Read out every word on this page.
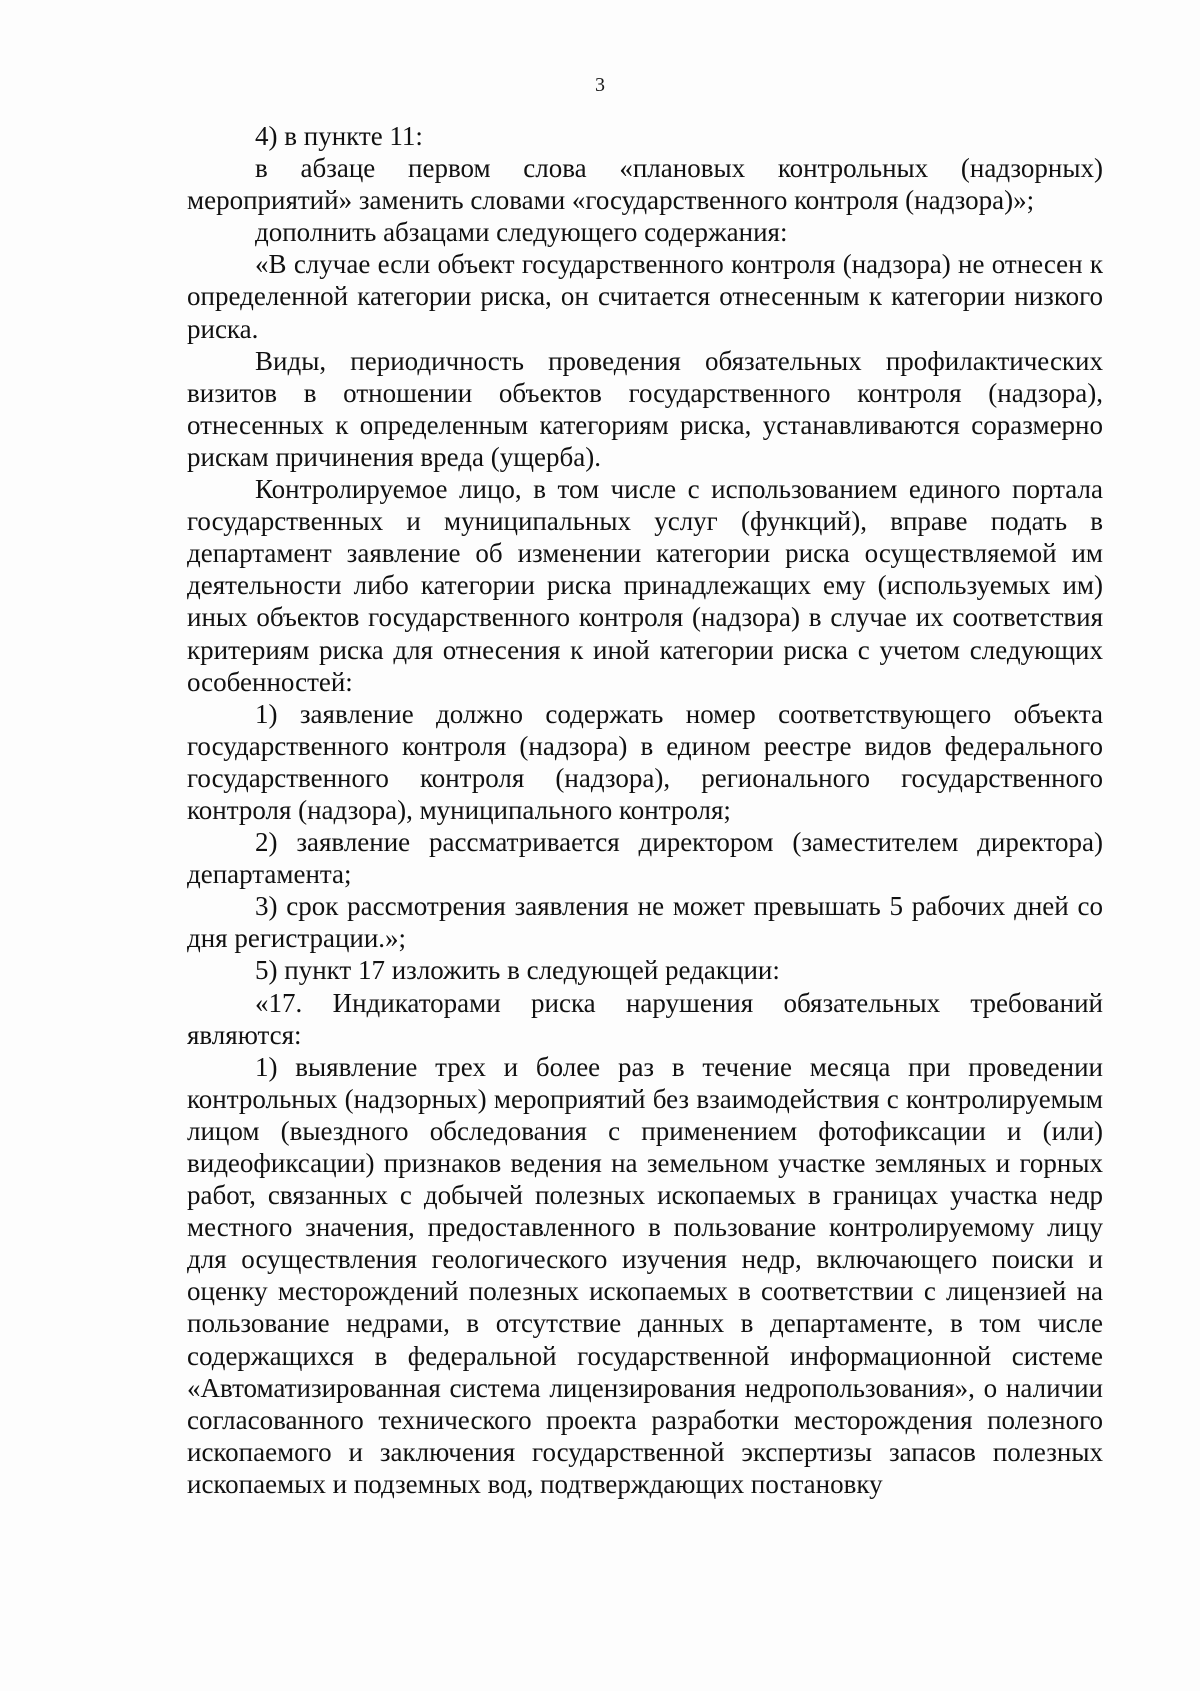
3

4) в пункте 11:

в абзаце первом слова «плановых контрольных (надзорных) мероприятий» заменить словами «государственного контроля (надзора)»;

дополнить абзацами следующего содержания:

«В случае если объект государственного контроля (надзора) не отнесен к определенной категории риска, он считается отнесенным к категории низкого риска.

Виды, периодичность проведения обязательных профилактических визитов в отношении объектов государственного контроля (надзора), отнесенных к определенным категориям риска, устанавливаются соразмерно рискам причинения вреда (ущерба).

Контролируемое лицо, в том числе с использованием единого портала государственных и муниципальных услуг (функций), вправе подать в департамент заявление об изменении категории риска осуществляемой им деятельности либо категории риска принадлежащих ему (используемых им) иных объектов государственного контроля (надзора) в случае их соответствия критериям риска для отнесения к иной категории риска с учетом следующих особенностей:

1) заявление должно содержать номер соответствующего объекта государственного контроля (надзора) в едином реестре видов федерального государственного контроля (надзора), регионального государственного контроля (надзора), муниципального контроля;

2) заявление рассматривается директором (заместителем директора) департамента;

3) срок рассмотрения заявления не может превышать 5 рабочих дней со дня регистрации.»;

5) пункт 17 изложить в следующей редакции:

«17. Индикаторами риска нарушения обязательных требований являются:

1) выявление трех и более раз в течение месяца при проведении контрольных (надзорных) мероприятий без взаимодействия с контролируемым лицом (выездного обследования с применением фотофиксации и (или) видеофиксации) признаков ведения на земельном участке земляных и горных работ, связанных с добычей полезных ископаемых в границах участка недр местного значения, предоставленного в пользование контролируемому лицу для осуществления геологического изучения недр, включающего поиски и оценку месторождений полезных ископаемых в соответствии с лицензией на пользование недрами, в отсутствие данных в департаменте, в том числе содержащихся в федеральной государственной информационной системе «Автоматизированная система лицензирования недропользования», о наличии согласованного технического проекта разработки месторождения полезного ископаемого и заключения государственной экспертизы запасов полезных ископаемых и подземных вод, подтверждающих постановку
